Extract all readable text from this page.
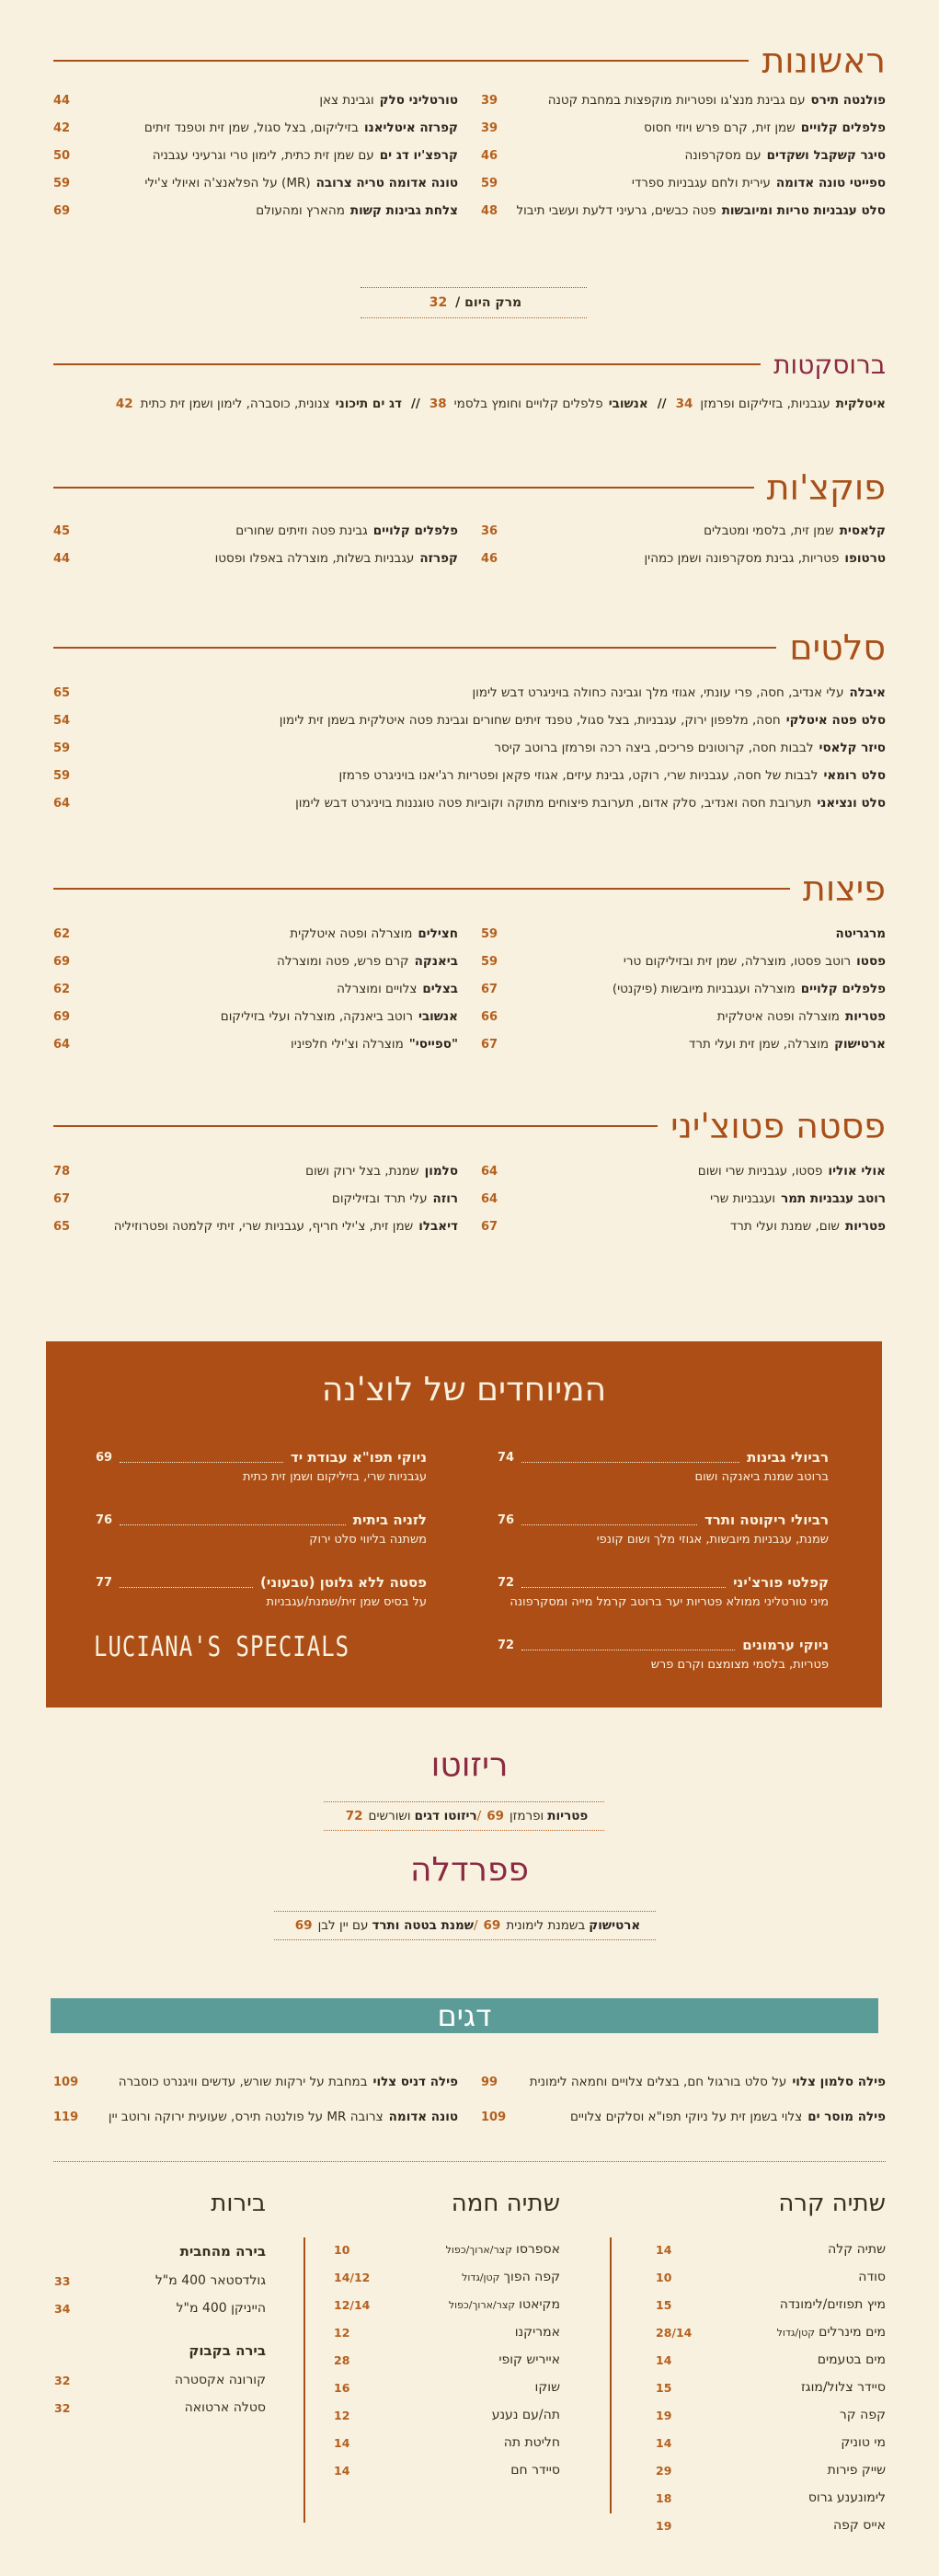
ראשונות
פולנטה תירס
עם גבינת מנצ'גו ופטריות מוקפצות במחבת קטנה
39
פלפלים קלויים
שמן זית, קרם פרש ויוזי חסוס
39
סיגר קשקבל ושקדים
עם מסקרפונה
46
ספייטי טונה אדומה
עירית ולחם עגבניות ספרדי
59
סלט עגבניות טריות ומיובשות
פטה כבשים, גרעיני דלעת ועשבי תיבול
48
טורטליני סלק
וגבינת צאן
44
קפרזה איטליאנו
בזיליקום, בצל סגול, שמן זית וטפנד זיתים
42
קרפצ'יו דג ים
עם שמן זית כתית, לימון טרי וגרעיני עגבניה
50
טונה אדומה טריה צרובה
(MR) על הפלאנצ'ה ואיולי צ'ילי
59
צלחת גבינות קשות
מהארץ ומהעולם
69
מרק היום / 32
ברוסקטות
איטלקיתעגבניות, בזיליקום ופרמזן34
//
אנשוביפלפלים קלויים וחומץ בלסמי38
//
דג ים תיכוניצנונית, כוסברה, לימון ושמן זית כתית42
פוקצ'ות
קלאסית
שמן זית, בלסמי ומטבלים
36
טרטופו
פטריות, גבינת מסקרפונה ושמן כמהין
46
פלפלים קלויים
גבינת פטה וזיתים שחורים
45
קפרזה
עגבניות בשלות, מוצרלה באפלו ופסטו
44
סלטים
איבלה
עלי אנדיב, חסה, פרי עונתי, אגוזי מלך וגבינה כחולה בויניגרט דבש לימון
65
סלט פטה איטלקי
חסה, מלפפון ירוק, עגבניות, בצל סגול, טפנד זיתים שחורים וגבינת פטה איטלקית בשמן זית לימון
54
סיזר קלאסי
לבבות חסה, קרוטונים פריכים, ביצה רכה ופרמזן ברוטב קיסר
59
סלט רומאי
לבבות של חסה, עגבניות שרי, רוקט, גבינת עיזים, אגוזי פקאן ופטריות רג'יאנו בויניגרט פרמזן
59
סלט ונציאני
תערובת חסה ואנדיב, סלק אדום, תערובת פיצוחים מתוקה וקוביות פטה טוגננות בויניגרט דבש לימון
64
פיצות
מרגריטה
59
פסטו
רוטב פסטו, מוצרלה, שמן זית ובזיליקום טרי
59
פלפלים קלויים
מוצרלה ועגבניות מיובשות (פיקנטי)
67
פטריות
מוצרלה ופטה איטלקית
66
ארטישוק
מוצרלה, שמן זית ועלי תרד
67
חצילים
מוצרלה ופטה איטלקית
62
ביאנקה
קרם פרש, פטה ומוצרלה
69
בצלים
צלויים ומוצרלה
62
אנשובי
רוטב ביאנקה, מוצרלה ועלי בזיליקום
69
"ספייסי"
מוצרלה וצ'ילי חלפיניו
64
פסטה פטוצ'יני
אולי אוליו
פסטו, עגבניות שרי ושום
64
רוטב עגבניות תמר
ועגבניות שרי
64
פטריות
שום, שמנת ועלי תרד
67
סלמון
שמנת, בצל ירוק ושום
78
רוזה
עלי תרד ובזיליקום
67
דיאבלו
שמן זית, צ'ילי חריף, עגבניות שרי, זיתי קלמטה ופטרוזיליה
65
המיוחדים של לוצ'נה
רביולי גבינות
74
ברוטב שמנת ביאנקה ושום
רביולי ריקוטה ותרד
76
שמנת, עגבניות מיובשות, אגוזי מלך ושום קונפי
קפלטי פורצ'יני
72
מיני טורטליני ממולא פטריות יער ברוטב קרמל מייה ומסקרפונה
ניוקי ערמונים
72
פטריות, בלסמי מצומצם וקרם פרש
ניוקי תפו"א עבודת יד
69
עגבניות שרי, בזיליקום ושמן זית כתית
לזניה ביתית
76
משתנה בליווי סלט ירוק
פסטה ללא גלוטן (טבעוני)
77
על בסיס שמן זית/שמנת/עגבניות
LUCIANA'S SPECIALS
ריזוטו
פטריותופרמזן69/ריזוטו דגיםושורשים72
פפרדלה
ארטישוקבשמנת לימונית69/שמנת בטטה ותרדעם יין לבן69
דגים
פילה סלמון צלוי
על סלט בורגול חם, בצלים צלויים וחמאה לימונית
99
פילה מוסר ים
צלוי בשמן זית על ניוקי תפו"א וסלקים צלויים
109
פילה דניס צלוי
במחבת על ירקות שורש, עדשים וויגנרט כוסברה
109
טונה אדומה
צרובה MR על פולנטה תירס, שעועית ירוקה ורוטב יין
119
שתיה קרה
שתיה קלה
14
סודה
10
מיץ תפוזים/לימונדה
15
מים מינרליםקטן/גדול
28/14
מים בטעמים
14
סיידר צלול/מוגז
15
קפה קר
19
מי טוניק
14
שייק פירות
29
לימונענע גרוס
18
אייס קפה
19
שתיה חמה
אספרסוקצר/ארוך/כפול
10
קפה הפוךקטן/גדול
14/12
מקיאטוקצר/ארוך/כפול
12/14
אמריקנו
12
אייריש קופי
28
שוקו
16
תה/עם נענע
12
חליטת תה
14
סיידר חם
14
בירות
בירה מהחבית
גולדסטאר 400 מ"ל
33
הייניקן 400 מ"ל
34
בירה בקבוק
קורונה אקסטרה
32
סטלה ארטואה
32
